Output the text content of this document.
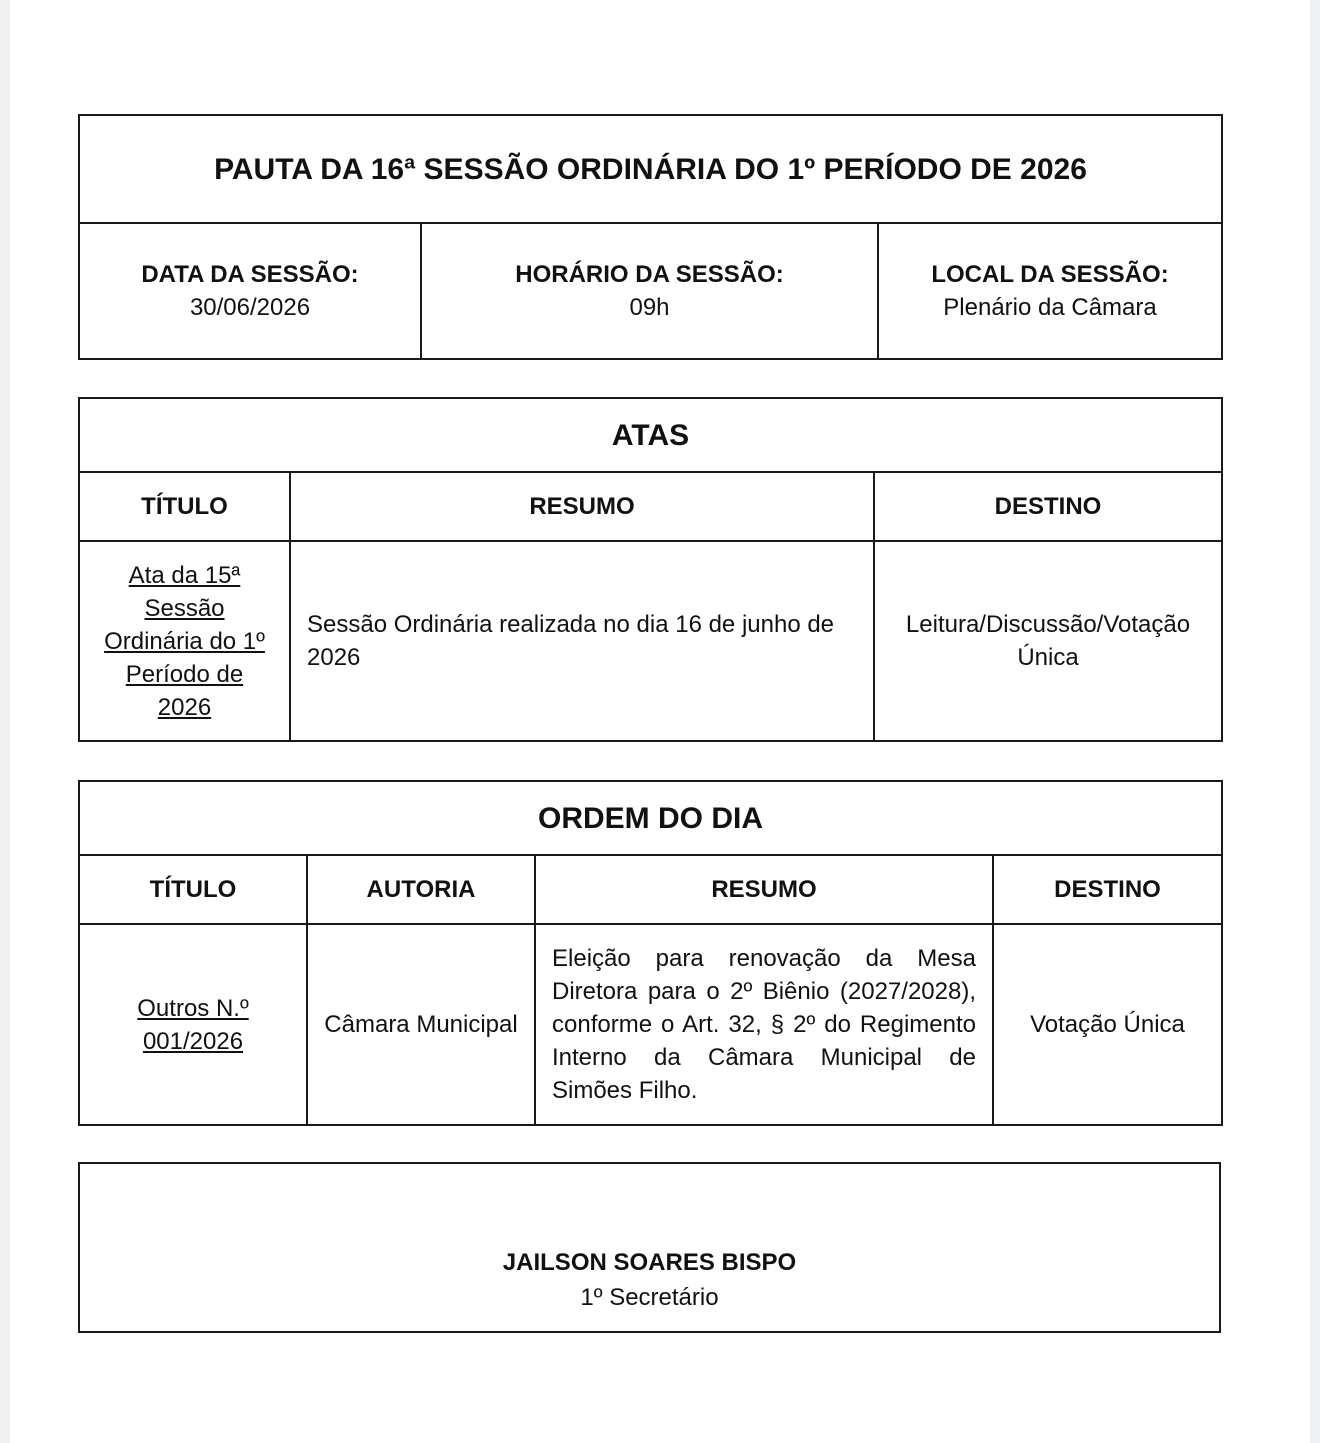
PAUTA DA 16ª SESSÃO ORDINÁRIA DO 1º PERÍODO DE 2026

DATA DA SESSÃO:
30/06/2026

HORÁRIO DA SESSÃO:
09h

LOCAL DA SESSÃO:
Plenário da Câmara
ATAS		
TÍTULO	RESUMO	DESTINO
Ata da 15ª Sessão Ordinária do 1º Período de 2026	Sessão Ordinária realizada no dia 16 de junho de 2026	Leitura/Discussão/Votação Única
ORDEM DO DIA			
TÍTULO	AUTORIA	RESUMO	DESTINO
Outros N.º 001/2026	Câmara Municipal	Eleição para renovação da Mesa Diretora para o 2º Biênio (2027/2028), conforme o Art. 32, § 2º do Regimento Interno da Câmara Municipal de Simões Filho.	Votação Única
JAILSON SOARES BISPO
1º Secretário
